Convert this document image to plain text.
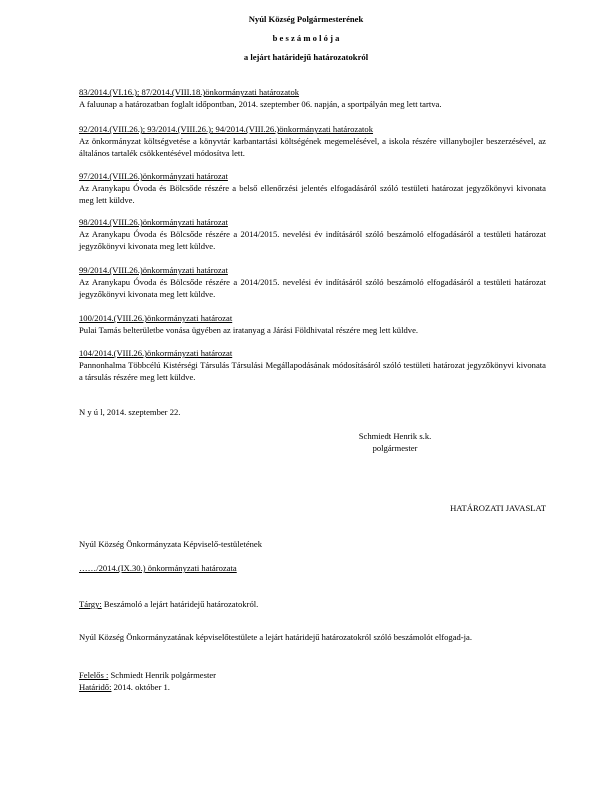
Nyúl Község Polgármesterének
b e s z á m o l ó j a
a lejárt határidejű határozatokról
83/2014.(VI.16.); 87/2014.(VIII.18.)önkormányzati határozatok
A faluunap a határozatban foglalt időpontban, 2014. szeptember 06. napján, a sportpályán meg lett tartva.
92/2014.(VIII.26.); 93/2014.(VIII.26.); 94/2014.(VIII.26.)önkormányzati határozatok
Az önkormányzat költségvetése a könyvtár karbantartási költségének megemelésével, a iskola részére villanybojler beszerzésével, az általános tartalék csökkentésével módosítva lett.
97/2014.(VIII.26.)önkormányzati határozat
Az Aranykapu Óvoda és Bölcsőde részére a belső ellenőrzési jelentés elfogadásáról szóló testületi határozat jegyzőkönyvi kivonata meg lett küldve.
98/2014.(VIII.26.)önkormányzati határozat
Az Aranykapu Óvoda és Bölcsőde részére a 2014/2015. nevelési év indításáról szóló beszámoló elfogadásáról a testületi határozat jegyzőkönyvi kivonata meg lett küldve.
99/2014.(VIII.26.)önkormányzati határozat
Az Aranykapu Óvoda és Bölcsőde részére a 2014/2015. nevelési év indításáról szóló beszámoló elfogadásáról a testületi határozat jegyzőkönyvi kivonata meg lett küldve.
100/2014.(VIII.26.)önkormányzati határozat
Pulai Tamás belterületbe vonása ügyében az iratanyag a Járási Földhivatal részére meg lett küldve.
104/2014.(VIII.26.)önkormányzati határozat
Pannonhalma Többcélú Kistérségi Társulás Társulási Megállapodásának módosításáról szóló testületi határozat jegyzőkönyvi kivonata a társulás részére meg lett küldve.
N y ú l, 2014. szeptember 22.
Schmiedt Henrik s.k.
polgármester
HATÁROZATI JAVASLAT
Nyúl Község Önkormányzata Képviselő-testületének
……/2014.(IX.30.) önkormányzati határozata
Tárgy: Beszámoló a lejárt határidejű határozatokról.
Nyúl Község Önkormányzatának képviselőtestülete a lejárt határidejű határozatokról szóló beszámolót elfogad-ja.
Felelős : Schmiedt Henrik polgármester
Határidő: 2014. október 1.
